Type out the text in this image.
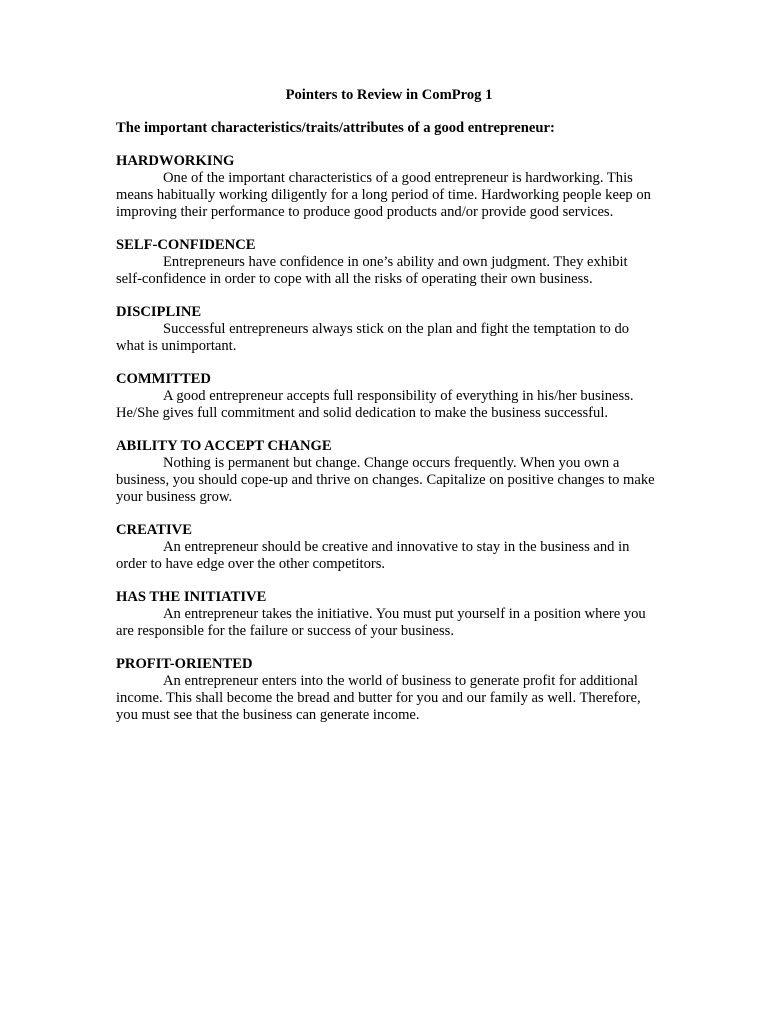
Pointers to Review in ComProg 1
The important characteristics/traits/attributes of a good entrepreneur:
HARDWORKING
One of the important characteristics of a good entrepreneur is hardworking. This means habitually working diligently for a long period of time. Hardworking people keep on improving their performance to produce good products and/or provide good services.
SELF-CONFIDENCE
Entrepreneurs have confidence in one’s ability and own judgment. They exhibit self-confidence in order to cope with all the risks of operating their own business.
DISCIPLINE
Successful entrepreneurs always stick on the plan and fight the temptation to do what is unimportant.
COMMITTED
A good entrepreneur accepts full responsibility of everything in his/her business. He/She gives full commitment and solid dedication to make the business successful.
ABILITY TO ACCEPT CHANGE
Nothing is permanent but change. Change occurs frequently. When you own a business, you should cope-up and thrive on changes. Capitalize on positive changes to make your business grow.
CREATIVE
An entrepreneur should be creative and innovative to stay in the business and in order to have edge over the other competitors.
HAS THE INITIATIVE
An entrepreneur takes the initiative. You must put yourself in a position where you are responsible for the failure or success of your business.
PROFIT-ORIENTED
An entrepreneur enters into the world of business to generate profit for additional income. This shall become the bread and butter for you and our family as well. Therefore, you must see that the business can generate income.
